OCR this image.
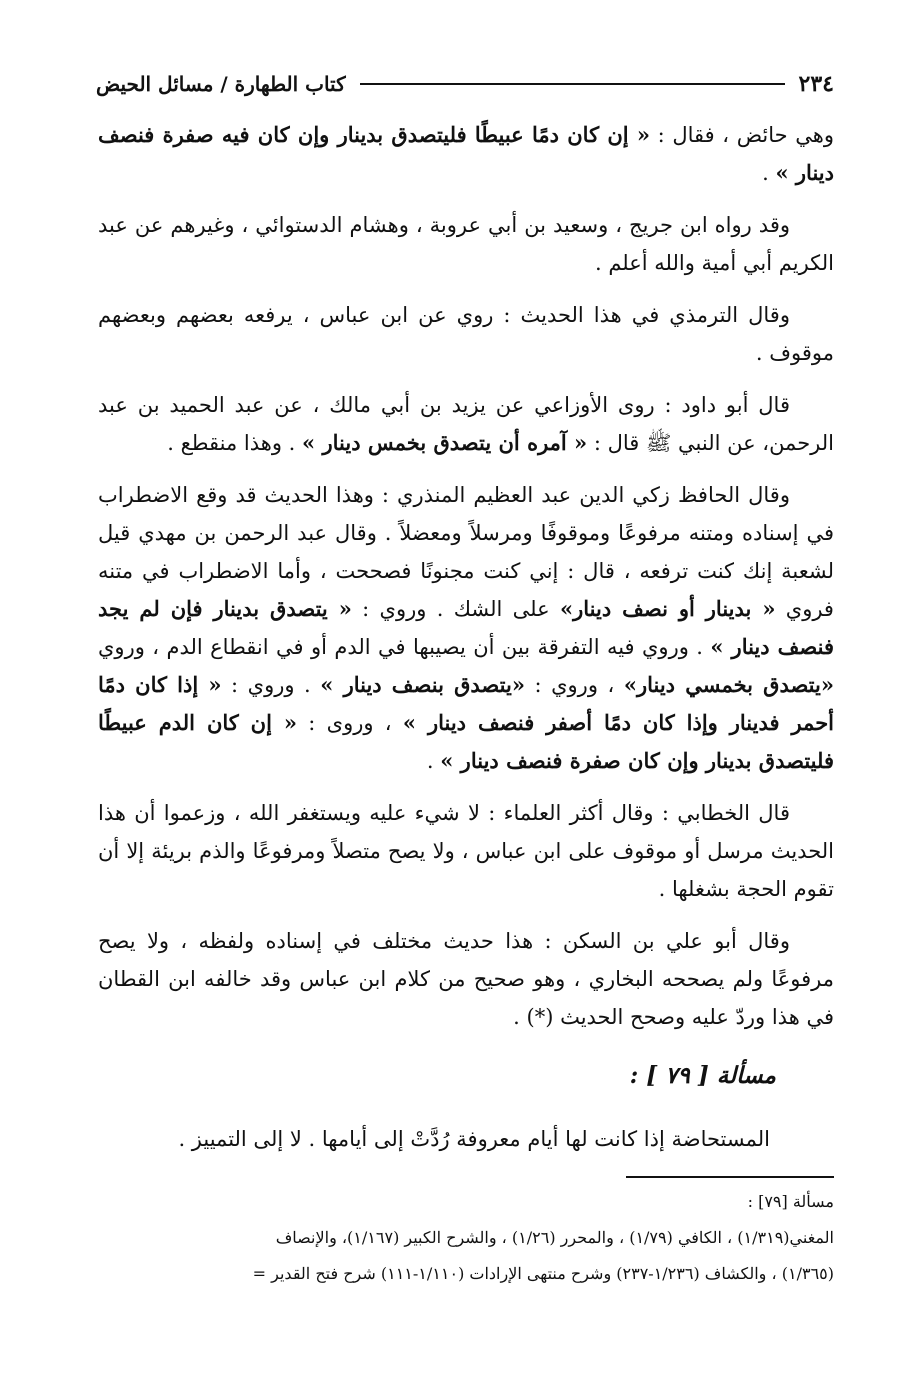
٢٣٤
كتاب الطهارة / مسائل الحيض

وهي حائض ، فقال : « إن كان دمًا عبيطًا فليتصدق بدينار وإن كان فيه صفرة فنصف دينار » .

وقد رواه ابن جريج ، وسعيد بن أبي عروبة ، وهشام الدستوائي ، وغيرهم عن عبد الكريم أبي أمية والله أعلم .

وقال الترمذي في هذا الحديث : روي عن ابن عباس ، يرفعه بعضهم وبعضهم موقوف .

قال أبو داود : روى الأوزاعي عن يزيد بن أبي مالك ، عن عبد الحميد بن عبد الرحمن، عن النبي ﷺ قال : « آمره أن يتصدق بخمس دينار » . وهذا منقطع .

وقال الحافظ زكي الدين عبد العظيم المنذري : وهذا الحديث قد وقع الاضطراب في إسناده ومتنه مرفوعًا وموقوفًا ومرسلاً ومعضلاً . وقال عبد الرحمن بن مهدي قيل لشعبة إنك كنت ترفعه ، قال : إني كنت مجنونًا فصححت ، وأما الاضطراب في متنه فروي « بدينار أو نصف دينار» على الشك . وروي : « يتصدق بدينار فإن لم يجد فنصف دينار » . وروي فيه التفرقة بين أن يصيبها في الدم أو في انقطاع الدم ، وروي «يتصدق بخمسي دينار» ، وروي : «يتصدق بنصف دينار » . وروي : « إذا كان دمًا أحمر فدينار وإذا كان دمًا أصفر فنصف دينار » ، وروى : « إن كان الدم عبيطًا فليتصدق بدينار وإن كان صفرة فنصف دينار » .

قال الخطابي : وقال أكثر العلماء : لا شيء عليه ويستغفر الله ، وزعموا أن هذا الحديث مرسل أو موقوف على ابن عباس ، ولا يصح متصلاً ومرفوعًا والذم بريئة إلا أن تقوم الحجة بشغلها .

وقال أبو علي بن السكن : هذا حديث مختلف في إسناده ولفظه ، ولا يصح مرفوعًا ولم يصححه البخاري ، وهو صحيح من كلام ابن عباس وقد خالفه ابن القطان في هذا وردّ عليه وصحح الحديث (*) .

مسألة [ ٧٩ ] :
المستحاضة إذا كانت لها أيام معروفة رُدَّتْ إلى أيامها . لا إلى التمييز .

مسألة [٧٩] :

المغني(١/٣١٩) ، الكافي (١/٧٩) ، والمحرر (١/٢٦) ، والشرح الكبير (١/١٦٧)، والإنصاف

(١/٣٦٥) ، والكشاف (١/٢٣٦-٢٣٧) وشرح منتهى الإرادات (١/١١٠-١١١) شرح فتح القدير =
